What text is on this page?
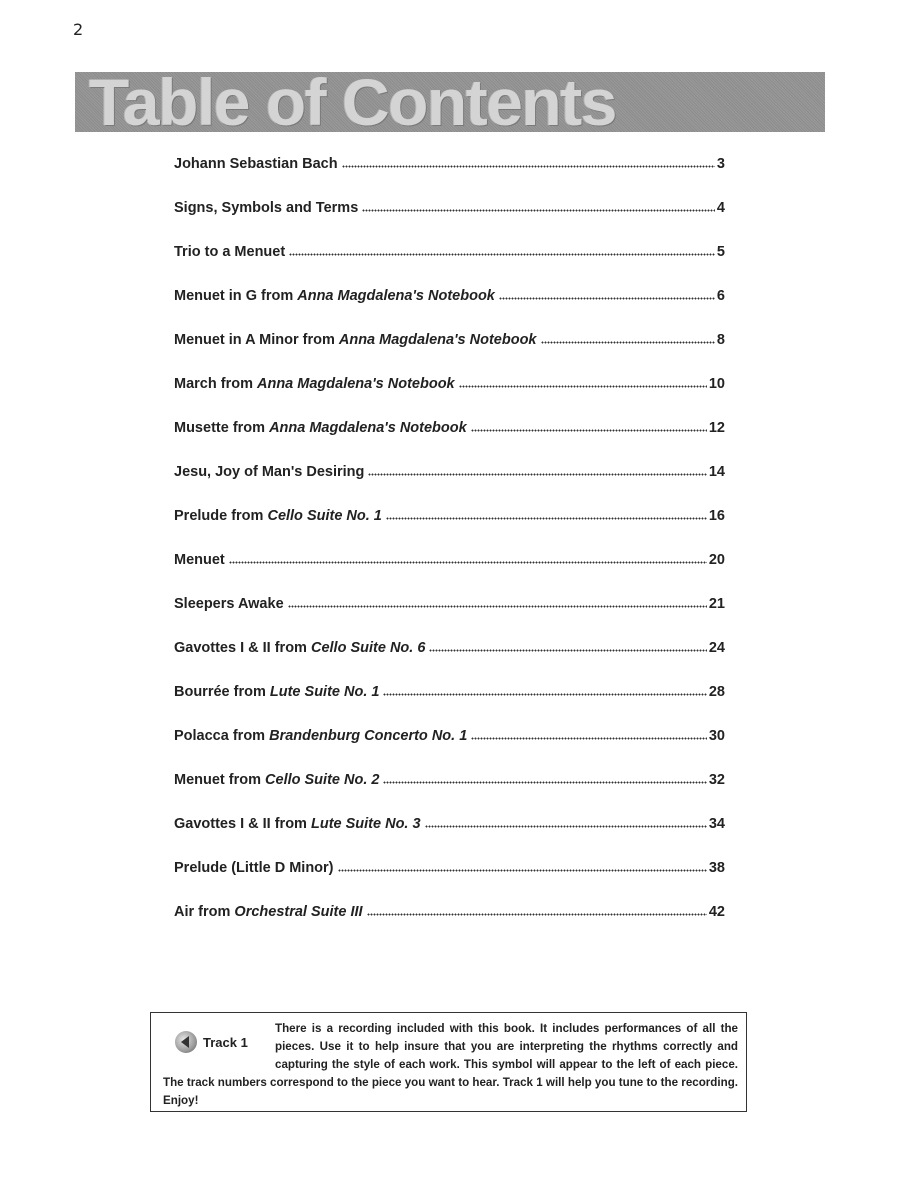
2
Table of Contents
Johann Sebastian Bach	3
Signs, Symbols and Terms	4
Trio to a Menuet	5
Menuet in G from Anna Magdalena's Notebook	6
Menuet in A Minor from Anna Magdalena's Notebook	8
March from Anna Magdalena's Notebook	10
Musette from Anna Magdalena's Notebook	12
Jesu, Joy of Man's Desiring	14
Prelude from Cello Suite No. 1	16
Menuet	20
Sleepers Awake	21
Gavottes I & II from Cello Suite No. 6	24
Bourrée from Lute Suite No. 1	28
Polacca from Brandenburg Concerto No. 1	30
Menuet from Cello Suite No. 2	32
Gavottes I & II from Lute Suite No. 3	34
Prelude (Little D Minor)	38
Air from Orchestral Suite III	42

There is a recording included with this book. It includes performances of all the pieces. Use it to help insure that you are interpreting the rhythms correctly and capturing the style of each work. This symbol will appear to the left of each piece. The track numbers correspond to the piece you want to hear. Track 1 will help you tune to the recording. Enjoy!

Track 1
